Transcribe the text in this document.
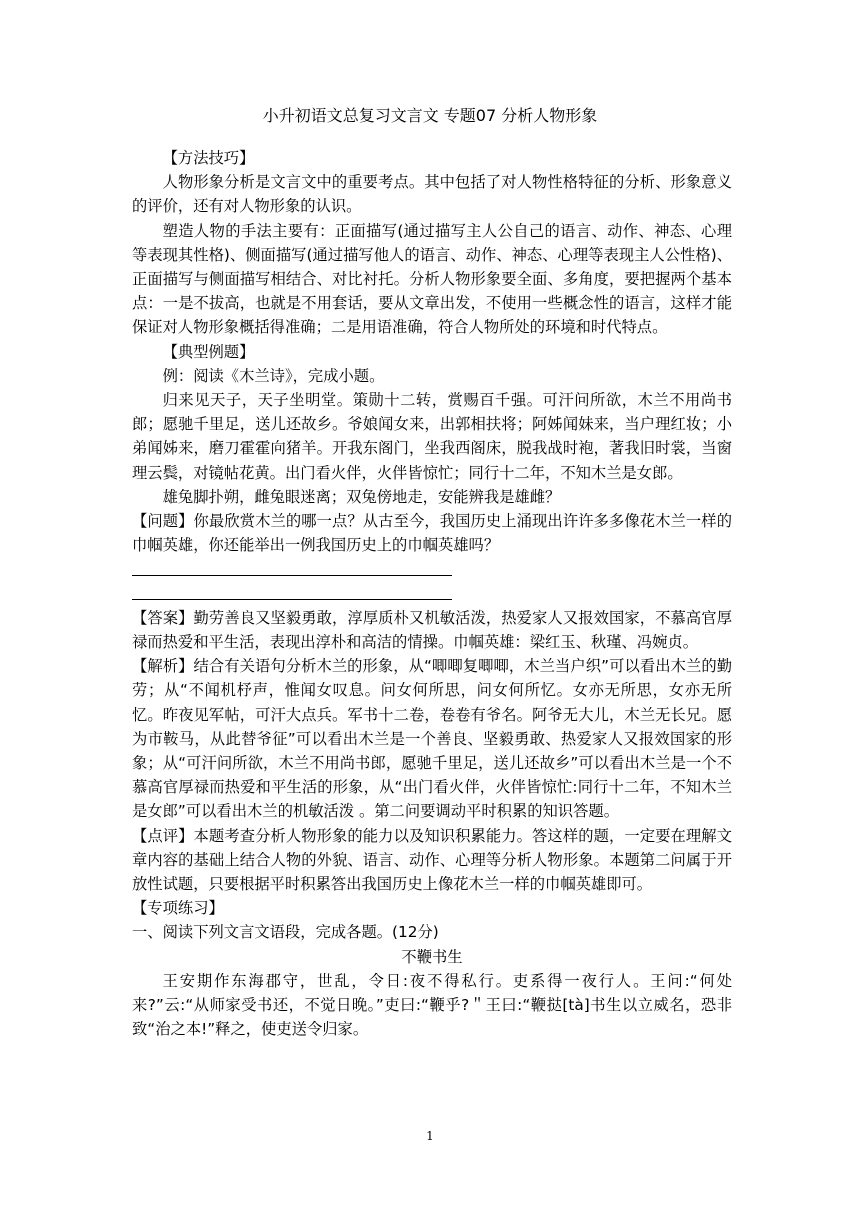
小升初语文总复习文言文 专题07 分析人物形象

【方法技巧】

人物形象分析是文言文中的重要考点。其中包括了对人物性格特征的分析、形象意义的评价，还有对人物形象的认识。

塑造人物的手法主要有：正面描写(通过描写主人公自己的语言、动作、神态、心理等表现其性格)、侧面描写(通过描写他人的语言、动作、神态、心理等表现主人公性格)、正面描写与侧面描写相结合、对比衬托。分析人物形象要全面、多角度，要把握两个基本点：一是不拔高，也就是不用套话，要从文章出发，不使用一些概念性的语言，这样才能保证对人物形象概括得准确；二是用语准确，符合人物所处的环境和时代特点。

【典型例题】

例：阅读《木兰诗》，完成小题。

归来见天子，天子坐明堂。策勋十二转，赏赐百千强。可汗问所欲，木兰不用尚书郎；愿驰千里足，送儿还故乡。爷娘闻女来，出郭相扶将；阿姊闻妹来，当户理红妆；小弟闻姊来，磨刀霍霍向猪羊。开我东阁门，坐我西阁床，脱我战时袍，著我旧时裳，当窗理云鬓，对镜帖花黄。出门看火伴，火伴皆惊忙；同行十二年，不知木兰是女郎。

雄兔脚扑朔，雌兔眼迷离；双兔傍地走，安能辨我是雄雌？

【问题】你最欣赏木兰的哪一点？从古至今，我国历史上涌现出许许多多像花木兰一样的巾帼英雄，你还能举出一例我国历史上的巾帼英雄吗？

【答案】勤劳善良又坚毅勇敢，淳厚质朴又机敏活泼，热爱家人又报效国家，不慕高官厚禄而热爱和平生活，表现出淳朴和高洁的情操。巾帼英雄：梁红玉、秋瑾、冯婉贞。

【解析】结合有关语句分析木兰的形象，从“唧唧复唧唧，木兰当户织”可以看出木兰的勤劳；从“不闻机杼声，惟闻女叹息。问女何所思，问女何所忆。女亦无所思，女亦无所忆。昨夜见军帖，可汗大点兵。军书十二卷，卷卷有爷名。阿爷无大儿，木兰无长兄。愿为市鞍马，从此替爷征”可以看出木兰是一个善良、坚毅勇敢、热爱家人又报效国家的形象；从“可汗问所欲，木兰不用尚书郎，愿驰千里足，送儿还故乡”可以看出木兰是一个不慕高官厚禄而热爱和平生活的形象，从“出门看火伴，火伴皆惊忙:同行十二年，不知木兰是女郎”可以看出木兰的机敏活泼 。第二问要调动平时积累的知识答题。

【点评】本题考查分析人物形象的能力以及知识积累能力。答这样的题，一定要在理解文章内容的基础上结合人物的外貌、语言、动作、心理等分析人物形象。本题第二问属于开放性试题，只要根据平时积累答出我国历史上像花木兰一样的巾帼英雄即可。

【专项练习】

一、阅读下列文言文语段，完成各题。(12分)

不鞭书生

王安期作东海郡守，世乱，令日:夜不得私行。吏系得一夜行人。王问:“何处来?”云:“从师家受书还，不觉日晚。”吏曰:“鞭乎?＂王曰:“鞭挞[tà]书生以立威名，恐非致“治之本!”释之，使吏送令归家。

1
